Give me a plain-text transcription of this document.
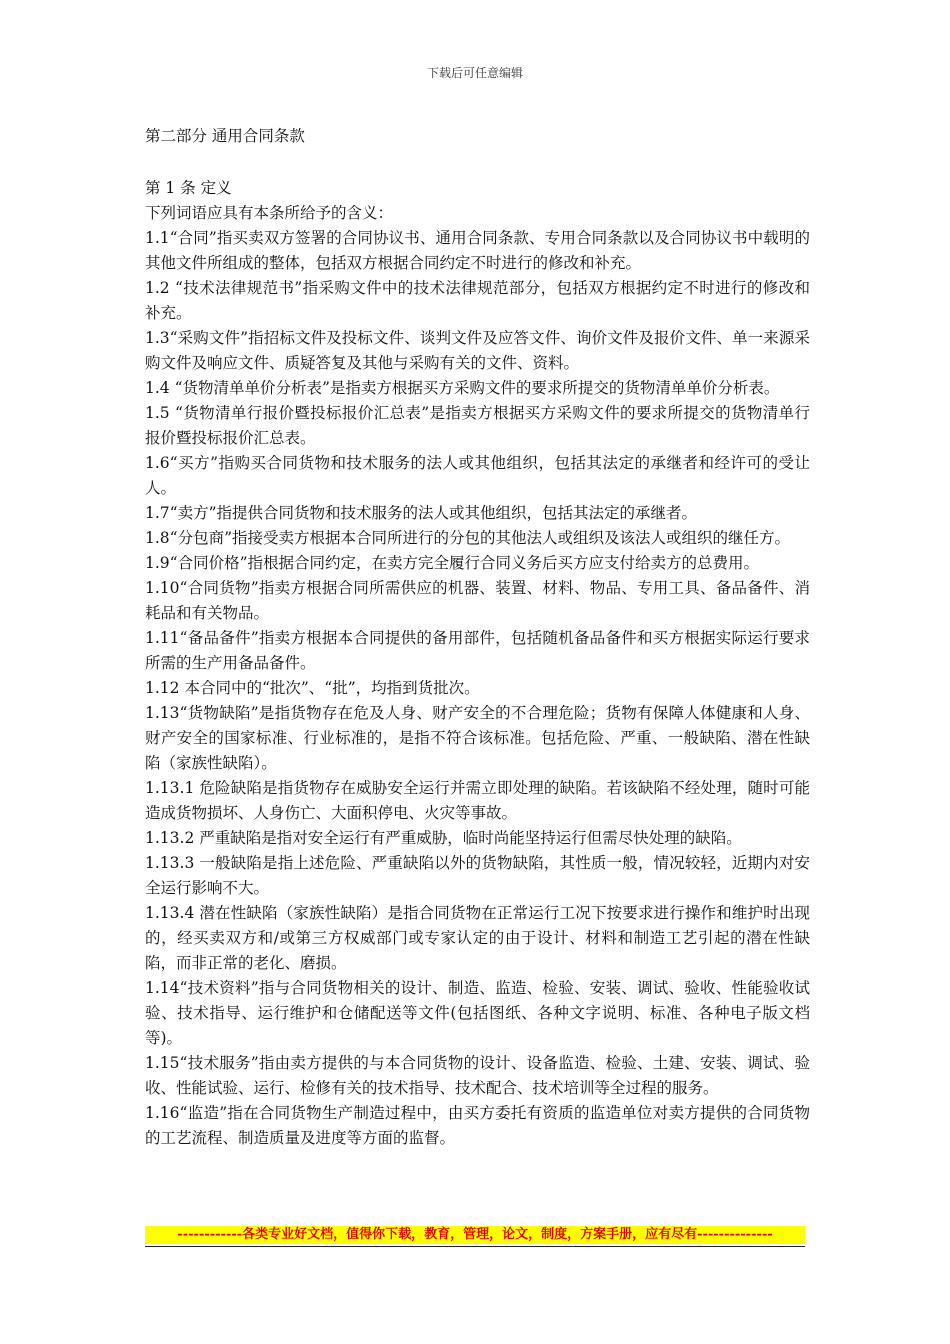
下载后可任意编辑
第二部分 通用合同条款

第 1 条 定义

下列词语应具有本条所给予的含义：

1.1“合同”指买卖双方签署的合同协议书、通用合同条款、专用合同条款以及合同协议书中载明的其他文件所组成的整体，包括双方根据合同约定不时进行的修改和补充。

1.2 “技术法律规范书”指采购文件中的技术法律规范部分，包括双方根据约定不时进行的修改和补充。

1.3“采购文件”指招标文件及投标文件、谈判文件及应答文件、询价文件及报价文件、单一来源采购文件及响应文件、质疑答复及其他与采购有关的文件、资料。

1.4 “货物清单单价分析表”是指卖方根据买方采购文件的要求所提交的货物清单单价分析表。

1.5 “货物清单行报价暨投标报价汇总表”是指卖方根据买方采购文件的要求所提交的货物清单行报价暨投标报价汇总表。

1.6“买方”指购买合同货物和技术服务的法人或其他组织，包括其法定的承继者和经许可的受让人。

1.7“卖方”指提供合同货物和技术服务的法人或其他组织，包括其法定的承继者。

1.8“分包商”指接受卖方根据本合同所进行的分包的其他法人或组织及该法人或组织的继任方。

1.9“合同价格”指根据合同约定，在卖方完全履行合同义务后买方应支付给卖方的总费用。

1.10“合同货物”指卖方根据合同所需供应的机器、装置、材料、物品、专用工具、备品备件、消耗品和有关物品。

1.11“备品备件”指卖方根据本合同提供的备用部件，包括随机备品备件和买方根据实际运行要求所需的生产用备品备件。

1.12 本合同中的“批次”、“批”，均指到货批次。

1.13“货物缺陷”是指货物存在危及人身、财产安全的不合理危险；货物有保障人体健康和人身、财产安全的国家标准、行业标准的，是指不符合该标准。包括危险、严重、一般缺陷、潜在性缺陷（家族性缺陷）。

1.13.1 危险缺陷是指货物存在威胁安全运行并需立即处理的缺陷。若该缺陷不经处理，随时可能造成货物损坏、人身伤亡、大面积停电、火灾等事故。

1.13.2 严重缺陷是指对安全运行有严重威胁，临时尚能坚持运行但需尽快处理的缺陷。

1.13.3 一般缺陷是指上述危险、严重缺陷以外的货物缺陷，其性质一般，情况较轻，近期内对安全运行影响不大。

1.13.4 潜在性缺陷（家族性缺陷）是指合同货物在正常运行工况下按要求进行操作和维护时出现的，经买卖双方和/或第三方权威部门或专家认定的由于设计、材料和制造工艺引起的潜在性缺陷，而非正常的老化、磨损。

1.14“技术资料”指与合同货物相关的设计、制造、监造、检验、安装、调试、验收、性能验收试验、技术指导、运行维护和仓储配送等文件(包括图纸、各种文字说明、标准、各种电子版文档等)。

1.15“技术服务”指由卖方提供的与本合同货物的设计、设备监造、检验、土建、安装、调试、验收、性能试验、运行、检修有关的技术指导、技术配合、技术培训等全过程的服务。

1.16“监造”指在合同货物生产制造过程中，由买方委托有资质的监造单位对卖方提供的合同货物的工艺流程、制造质量及进度等方面的监督。

------------各类专业好文档，值得你下载，教育，管理，论文，制度，方案手册，应有尽有--------------
